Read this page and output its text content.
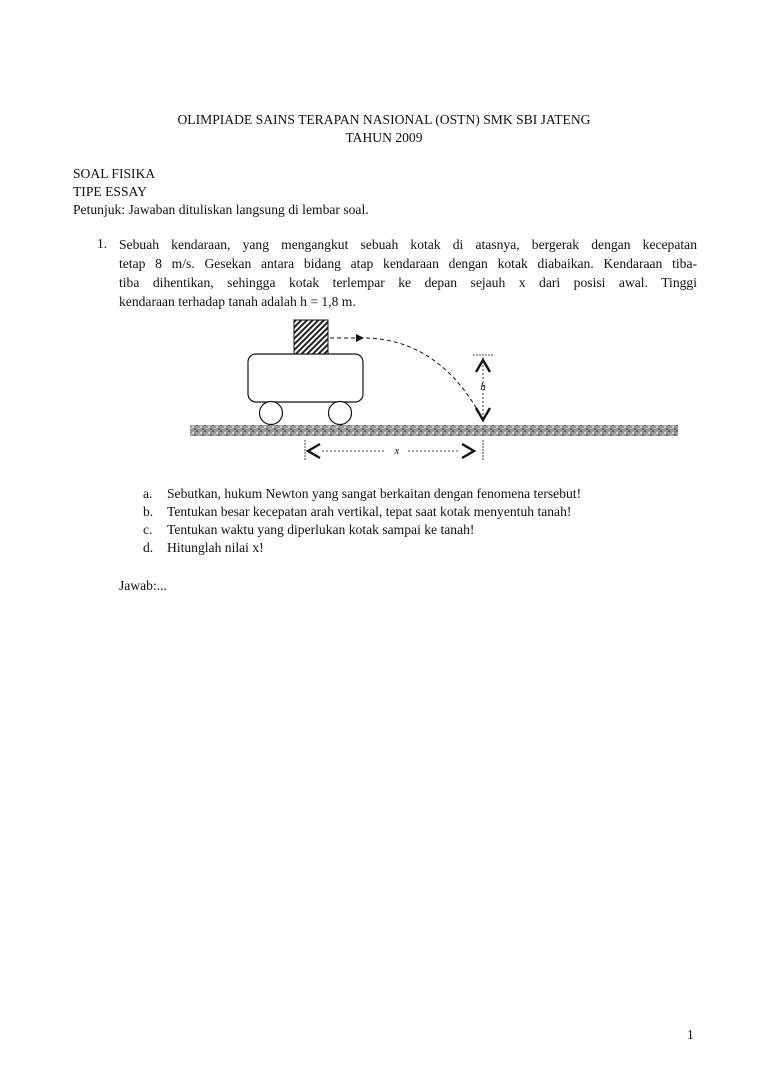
OLIMPIADE SAINS TERAPAN NASIONAL (OSTN) SMK SBI JATENG
TAHUN 2009
SOAL FISIKA
TIPE ESSAY
Petunjuk: Jawaban dituliskan langsung di lembar soal.
1. Sebuah kendaraan, yang mengangkut sebuah kotak di atasnya, bergerak dengan kecepatan
tetap 8 m/s. Gesekan antara bidang atap kendaraan dengan kotak diabaikan. Kendaraan tiba-
tiba dihentikan, sehingga kotak terlempar ke depan sejauh x dari posisi awal. Tinggi
kendaraan terhadap tanah adalah h = 1,8 m.
h
x
a. Sebutkan, hukum Newton yang sangat berkaitan dengan fenomena tersebut!
b. Tentukan besar kecepatan arah vertikal, tepat saat kotak menyentuh tanah!
c. Tentukan waktu yang diperlukan kotak sampai ke tanah!
d. Hitunglah nilai x!
Jawab:...
1
